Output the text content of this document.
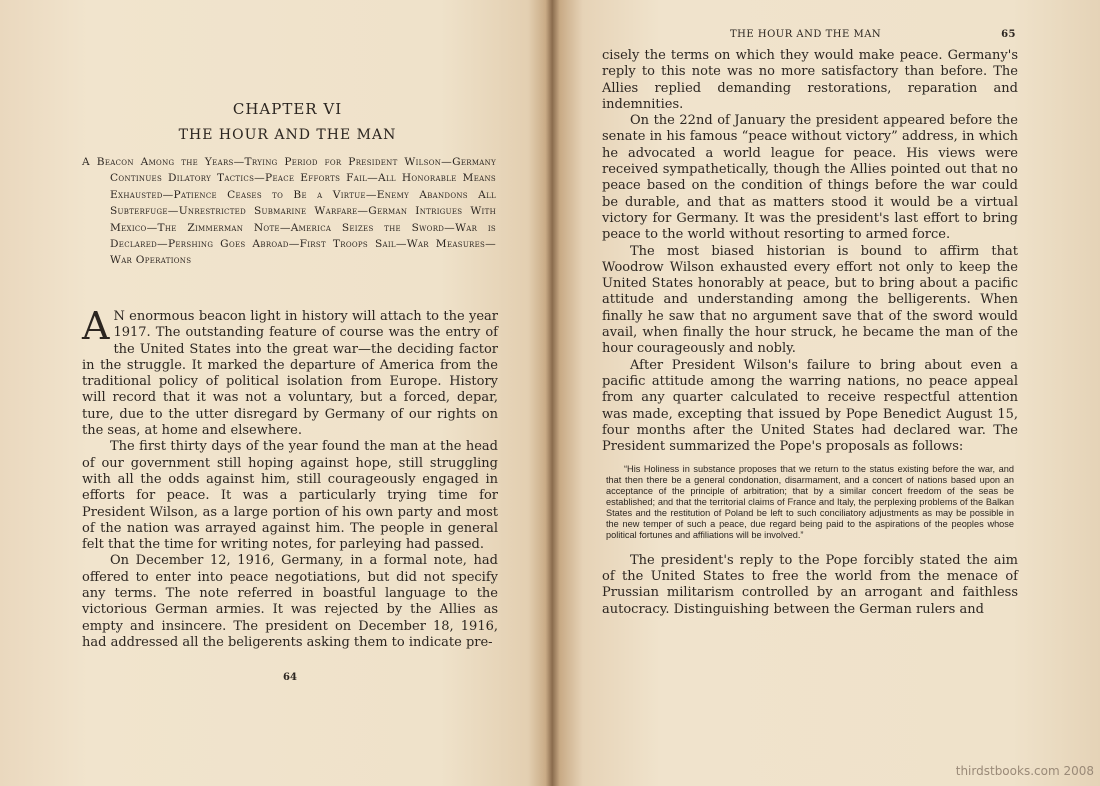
CHAPTER VI
THE HOUR AND THE MAN
A Beacon Among the Years—Trying Period for President Wilson—Germany Continues Dilatory Tactics—Peace Efforts Fail—All Honorable Means Exhausted—Patience Ceases to Be a Virtue—Enemy Abandons All Subterfuge—Unrestricted Submarine Warfare—German Intrigues With Mexico—The Zimmerman Note—America Seizes the Sword—War is Declared—Pershing Goes Abroad—First Troops Sail—War Measures—War Operations

A N enormous beacon light in history will attach to the year 1917. The outstanding feature of course was the entry of the United States into the great war—the deciding factor in the struggle. It marked the departure of America from the traditional policy of political isolation from Europe. History will record that it was not a voluntary, but a forced, depar, ture, due to the utter disregard by Germany of our rights on the seas, at home and elsewhere.

The first thirty days of the year found the man at the head of our government still hoping against hope, still struggling with all the odds against him, still courageously engaged in efforts for peace. It was a particularly trying time for President Wilson, as a large portion of his own party and most of the nation was arrayed against him. The people in general felt that the time for writing notes, for parleying had passed.

On December 12, 1916, Germany, in a formal note, had offered to enter into peace negotiations, but did not specify any terms. The note referred in boastful language to the victorious German armies. It was rejected by the Allies as empty and insincere. The president on December 18, 1916, had addressed all the beligerents asking them to indicate pre-

64
THE HOUR AND THE MAN	65

cisely the terms on which they would make peace. Germany's reply to this note was no more satisfactory than before. The Allies replied demanding restorations, reparation and indemnities.

On the 22nd of January the president appeared before the senate in his famous “peace without victory” address, in which he advocated a world league for peace. His views were received sympathetically, though the Allies pointed out that no peace based on the condition of things before the war could be durable, and that as matters stood it would be a virtual victory for Germany. It was the president's last effort to bring peace to the world without resorting to armed force.

The most biased historian is bound to affirm that Woodrow Wilson exhausted every effort not only to keep the United States honorably at peace, but to bring about a pacific attitude and understanding among the belligerents. When finally he saw that no argument save that of the sword would avail, when finally the hour struck, he became the man of the hour courageously and nobly.

After President Wilson's failure to bring about even a pacific attitude among the warring nations, no peace appeal from any quarter calculated to receive respectful attention was made, excepting that issued by Pope Benedict August 15, four months after the United States had declared war. The President summarized the Pope's proposals as follows:

“His Holiness in substance proposes that we return to the status existing before the war, and that then there be a general condonation, disarmament, and a concert of nations based upon an acceptance of the principle of arbitration; that by a similar concert freedom of the seas be established; and that the territorial claims of France and Italy, the perplexing problems of the Balkan States and the restitution of Poland be left to such conciliatory adjustments as may be possible in the new temper of such a peace, due regard being paid to the aspirations of the peoples whose political fortunes and affiliations will be involved.”

The president's reply to the Pope forcibly stated the aim of the United States to free the world from the menace of Prussian militarism controlled by an arrogant and faithless autocracy. Distinguishing between the German rulers and

thirdstbooks.com 2008
